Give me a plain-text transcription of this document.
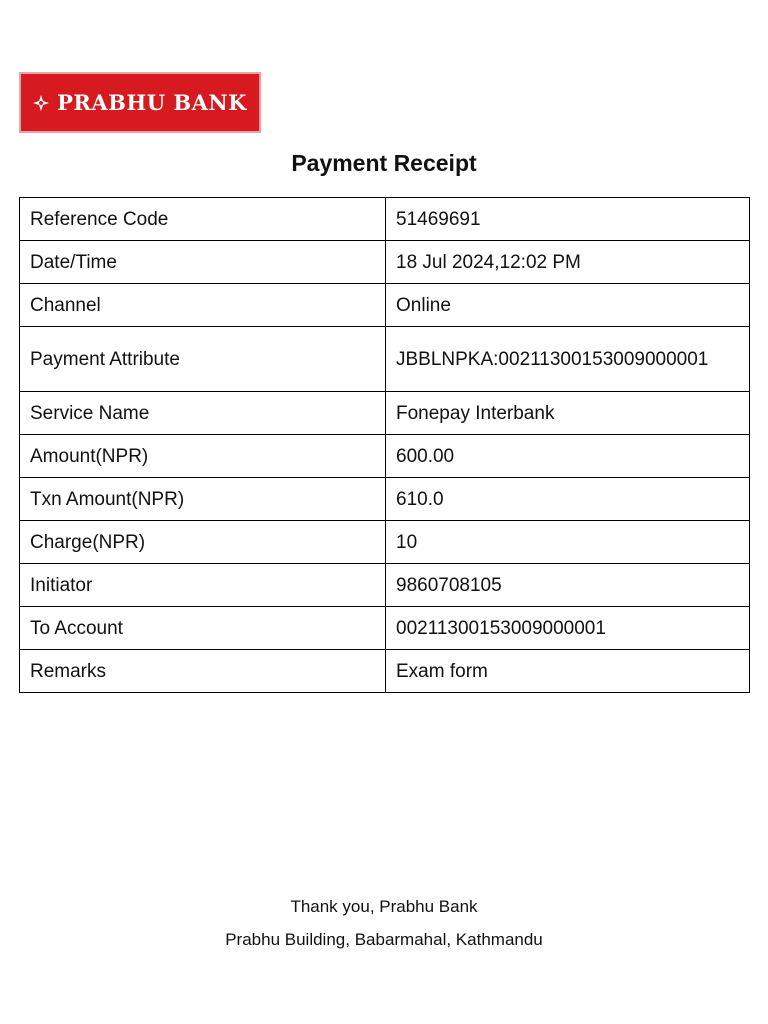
PRABHU BANK
Payment Receipt
Reference Code	51469691
Date/Time	18 Jul 2024,12:02 PM
Channel	Online
Payment Attribute	JBBLNPKA:00211300153009000001
Service Name	Fonepay Interbank
Amount(NPR)	600.00
Txn Amount(NPR)	610.0
Charge(NPR)	10
Initiator	9860708105
To Account	00211300153009000001
Remarks	Exam form
Thank you, Prabhu Bank
Prabhu Building, Babarmahal, Kathmandu
